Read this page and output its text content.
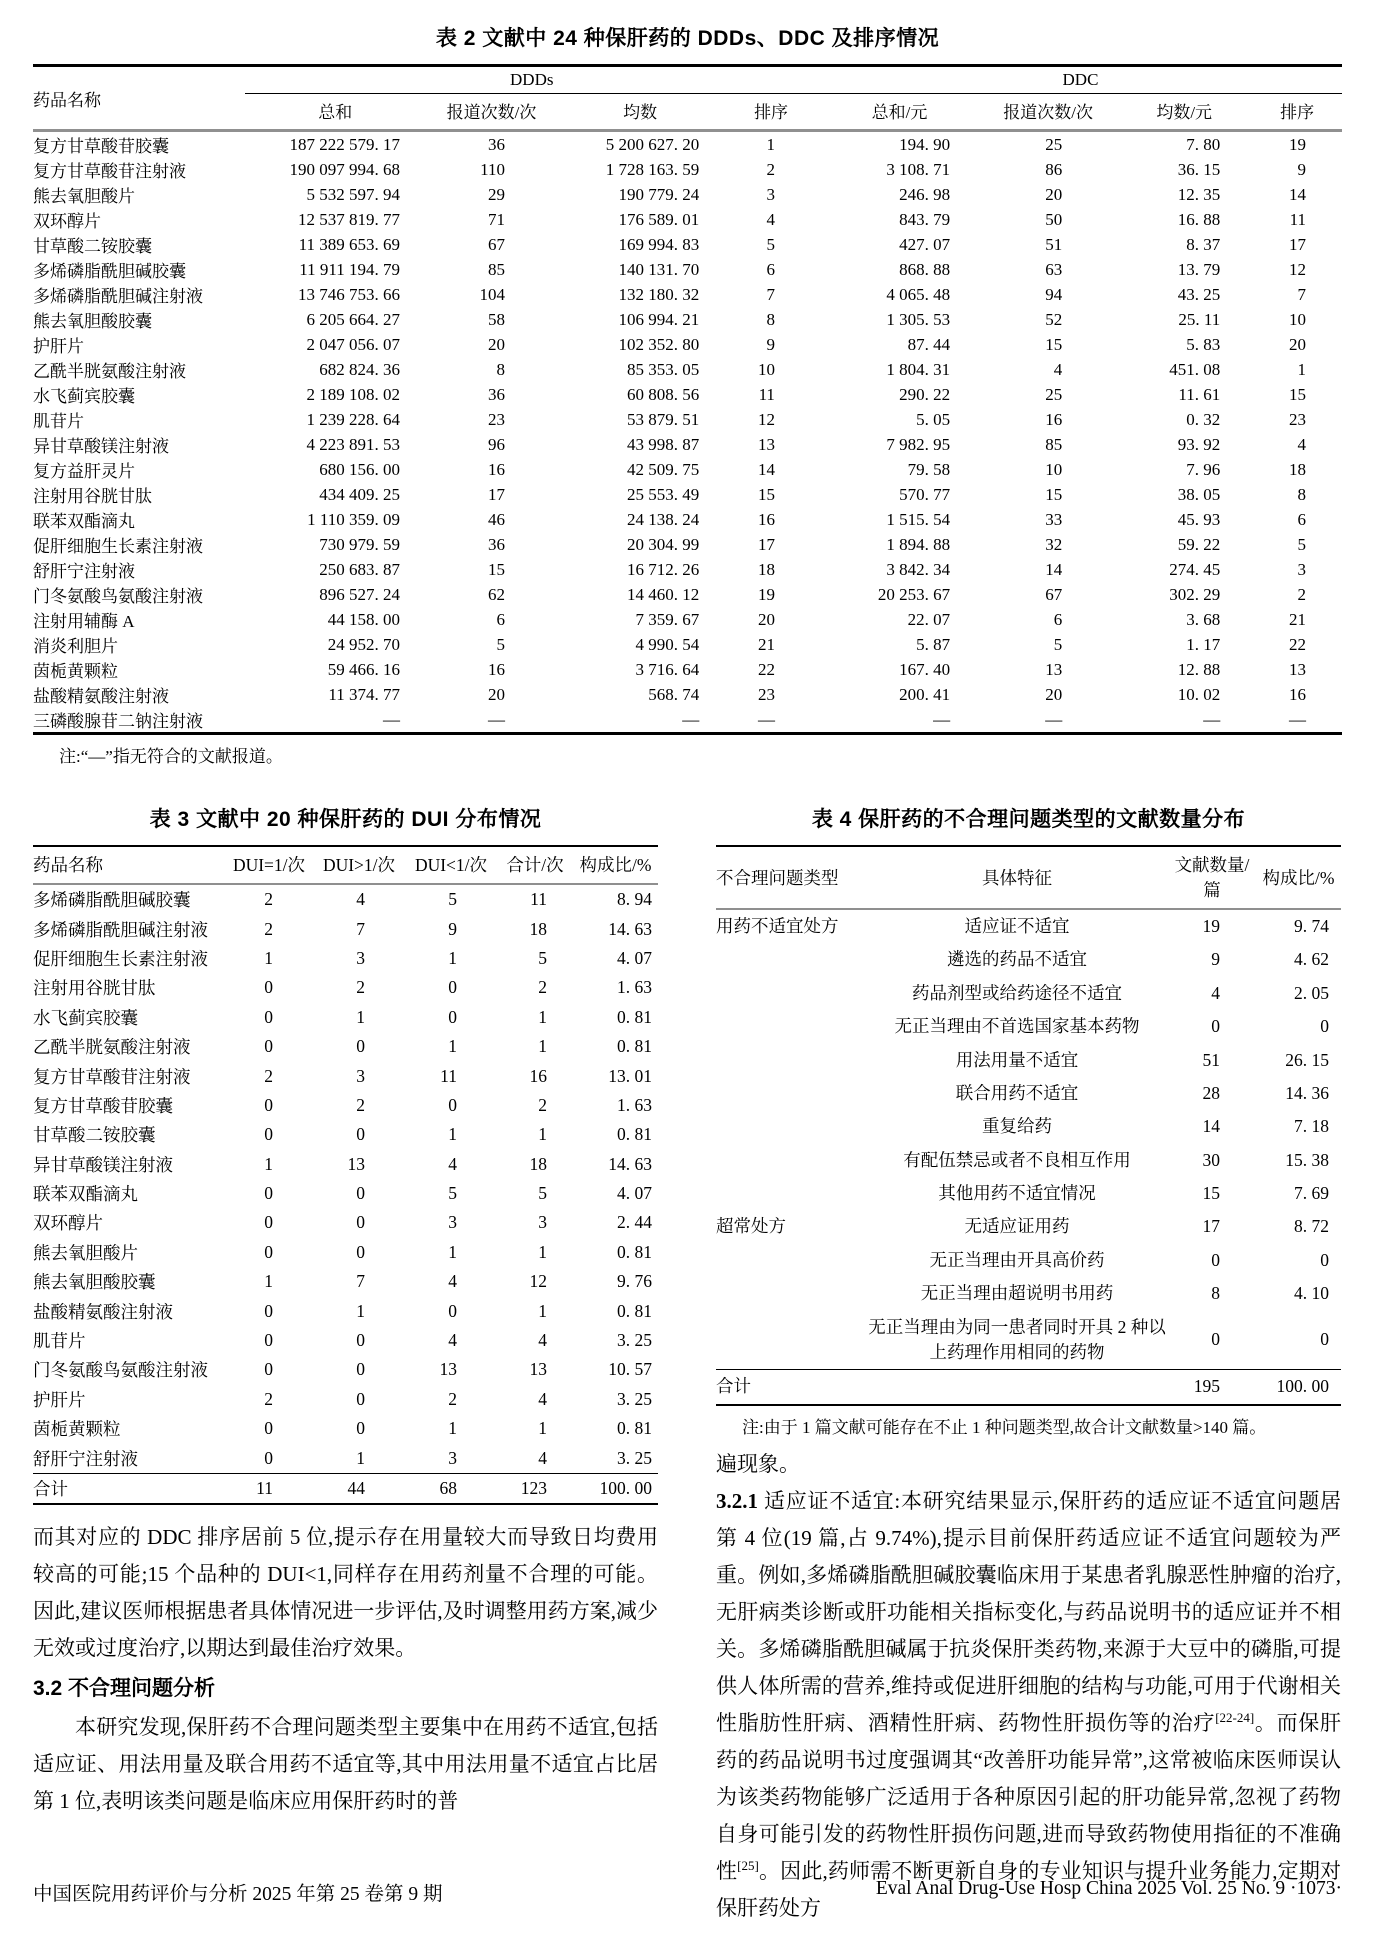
表 2 文献中 24 种保肝药的 DDDs、DDC 及排序情况
药品名称	DDDs				DDC			
	总和	报道次数/次	均数	排序	总和/元	报道次数/次	均数/元	排序
复方甘草酸苷胶囊	187 222 579. 17	36	5 200 627. 20	1	194. 90	25	7. 80	19
复方甘草酸苷注射液	190 097 994. 68	110	1 728 163. 59	2	3 108. 71	86	36. 15	9
熊去氧胆酸片	5 532 597. 94	29	190 779. 24	3	246. 98	20	12. 35	14
双环醇片	12 537 819. 77	71	176 589. 01	4	843. 79	50	16. 88	11
甘草酸二铵胶囊	11 389 653. 69	67	169 994. 83	5	427. 07	51	8. 37	17
多烯磷脂酰胆碱胶囊	11 911 194. 79	85	140 131. 70	6	868. 88	63	13. 79	12
多烯磷脂酰胆碱注射液	13 746 753. 66	104	132 180. 32	7	4 065. 48	94	43. 25	7
熊去氧胆酸胶囊	6 205 664. 27	58	106 994. 21	8	1 305. 53	52	25. 11	10
护肝片	2 047 056. 07	20	102 352. 80	9	87. 44	15	5. 83	20
乙酰半胱氨酸注射液	682 824. 36	8	85 353. 05	10	1 804. 31	4	451. 08	1
水飞蓟宾胶囊	2 189 108. 02	36	60 808. 56	11	290. 22	25	11. 61	15
肌苷片	1 239 228. 64	23	53 879. 51	12	5. 05	16	0. 32	23
异甘草酸镁注射液	4 223 891. 53	96	43 998. 87	13	7 982. 95	85	93. 92	4
复方益肝灵片	680 156. 00	16	42 509. 75	14	79. 58	10	7. 96	18
注射用谷胱甘肽	434 409. 25	17	25 553. 49	15	570. 77	15	38. 05	8
联苯双酯滴丸	1 110 359. 09	46	24 138. 24	16	1 515. 54	33	45. 93	6
促肝细胞生长素注射液	730 979. 59	36	20 304. 99	17	1 894. 88	32	59. 22	5
舒肝宁注射液	250 683. 87	15	16 712. 26	18	3 842. 34	14	274. 45	3
门冬氨酸鸟氨酸注射液	896 527. 24	62	14 460. 12	19	20 253. 67	67	302. 29	2
注射用辅酶 A	44 158. 00	6	7 359. 67	20	22. 07	6	3. 68	21
消炎利胆片	24 952. 70	5	4 990. 54	21	5. 87	5	1. 17	22
茵栀黄颗粒	59 466. 16	16	3 716. 64	22	167. 40	13	12. 88	13
盐酸精氨酸注射液	11 374. 77	20	568. 74	23	200. 41	20	10. 02	16
三磷酸腺苷二钠注射液	—	—	—	—	—	—	—	—
注:“—”指无符合的文献报道。
表 3 文献中 20 种保肝药的 DUI 分布情况
药品名称	DUI=1/次	DUI>1/次	DUI<1/次	合计/次	构成比/%
多烯磷脂酰胆碱胶囊	2	4	5	11	8. 94
多烯磷脂酰胆碱注射液	2	7	9	18	14. 63
促肝细胞生长素注射液	1	3	1	5	4. 07
注射用谷胱甘肽	0	2	0	2	1. 63
水飞蓟宾胶囊	0	1	0	1	0. 81
乙酰半胱氨酸注射液	0	0	1	1	0. 81
复方甘草酸苷注射液	2	3	11	16	13. 01
复方甘草酸苷胶囊	0	2	0	2	1. 63
甘草酸二铵胶囊	0	0	1	1	0. 81
异甘草酸镁注射液	1	13	4	18	14. 63
联苯双酯滴丸	0	0	5	5	4. 07
双环醇片	0	0	3	3	2. 44
熊去氧胆酸片	0	0	1	1	0. 81
熊去氧胆酸胶囊	1	7	4	12	9. 76
盐酸精氨酸注射液	0	1	0	1	0. 81
肌苷片	0	0	4	4	3. 25
门冬氨酸鸟氨酸注射液	0	0	13	13	10. 57
护肝片	2	0	2	4	3. 25
茵栀黄颗粒	0	0	1	1	0. 81
舒肝宁注射液	0	1	3	4	3. 25
合计	11	44	68	123	100. 00

而其对应的 DDC 排序居前 5 位,提示存在用量较大而导致日均费用较高的可能;15 个品种的 DUI<1,同样存在用药剂量不合理的可能。因此,建议医师根据患者具体情况进一步评估,及时调整用药方案,减少无效或过度治疗,以期达到最佳治疗效果。

3.2 不合理问题分析

本研究发现,保肝药不合理问题类型主要集中在用药不适宜,包括适应证、用法用量及联合用药不适宜等,其中用法用量不适宜占比居第 1 位,表明该类问题是临床应用保肝药时的普

表 4 保肝药的不合理问题类型的文献数量分布
不合理问题类型	具体特征	文献数量/篇	构成比/%
用药不适宜处方	适应证不适宜	19	9. 74
	遴选的药品不适宜	9	4. 62
	药品剂型或给药途径不适宜	4	2. 05
	无正当理由不首选国家基本药物	0	0
	用法用量不适宜	51	26. 15
	联合用药不适宜	28	14. 36
	重复给药	14	7. 18
	有配伍禁忌或者不良相互作用	30	15. 38
	其他用药不适宜情况	15	7. 69
超常处方	无适应证用药	17	8. 72
	无正当理由开具高价药	0	0
	无正当理由超说明书用药	8	4. 10
	无正当理由为同一患者同时开具 2 种以上药理作用相同的药物	0	0
合计		195	100. 00
注:由于 1 篇文献可能存在不止 1 种问题类型,故合计文献数量>140 篇。

遍现象。

3.2.1 适应证不适宜:本研究结果显示,保肝药的适应证不适宜问题居第 4 位(19 篇,占 9.74%),提示目前保肝药适应证不适宜问题较为严重。例如,多烯磷脂酰胆碱胶囊临床用于某患者乳腺恶性肿瘤的治疗,无肝病类诊断或肝功能相关指标变化,与药品说明书的适应证并不相关。多烯磷脂酰胆碱属于抗炎保肝类药物,来源于大豆中的磷脂,可提供人体所需的营养,维持或促进肝细胞的结构与功能,可用于代谢相关性脂肪性肝病、酒精性肝病、药物性肝损伤等的治疗[22-24]。而保肝药的药品说明书过度强调其“改善肝功能异常”,这常被临床医师误认为该类药物能够广泛适用于各种原因引起的肝功能异常,忽视了药物自身可能引发的药物性肝损伤问题,进而导致药物使用指征的不准确性[25]。因此,药师需不断更新自身的专业知识与提升业务能力,定期对保肝药处方

中国医院用药评价与分析 2025 年第 25 卷第 9 期	Eval Anal Drug-Use Hosp China 2025 Vol. 25 No. 9 ·1073·
